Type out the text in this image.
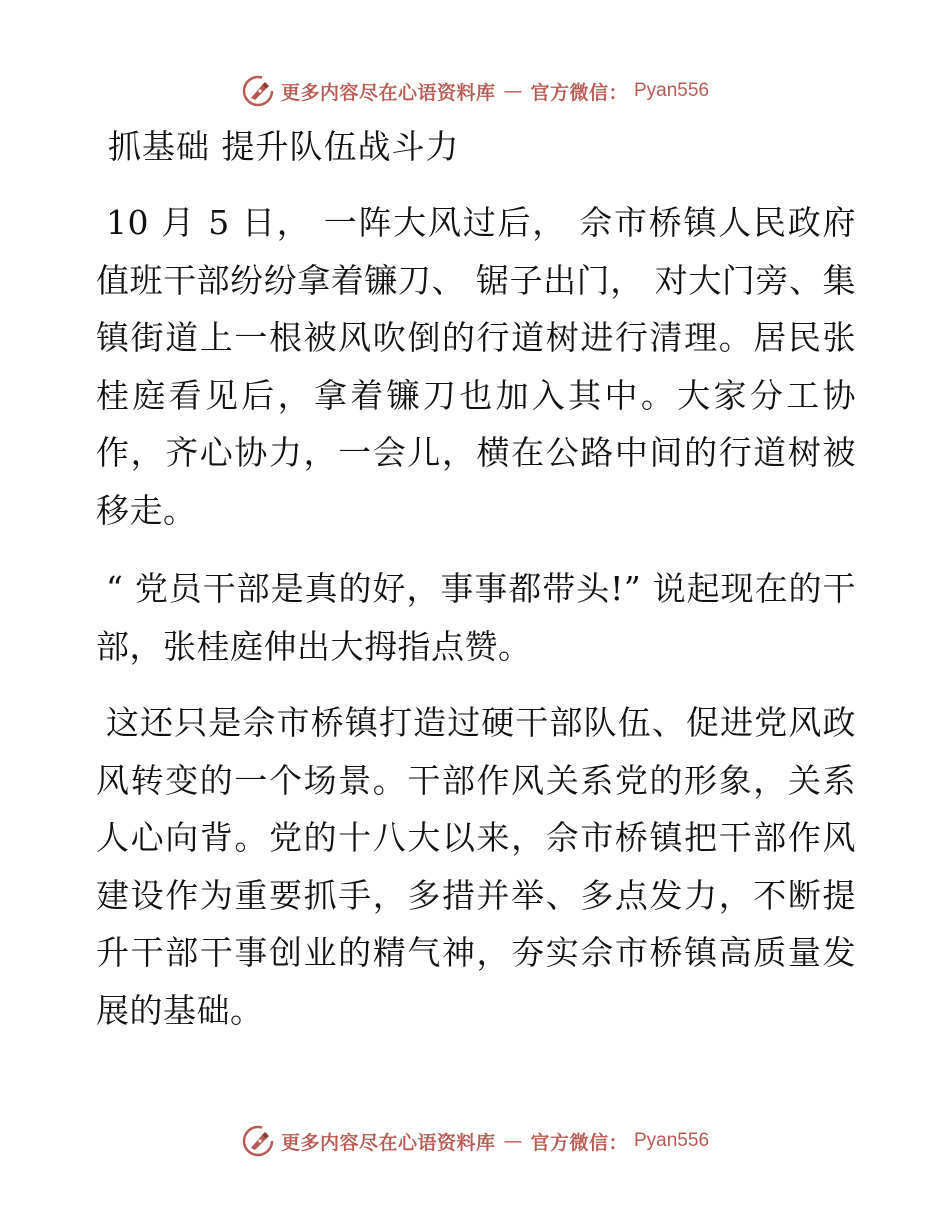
更多内容尽在心语资料库 — 官方微信： Pyan556
抓基础 提升队伍战斗力

10 月 5 日， 一阵大风过后， 佘市桥镇人民政府值班干部纷纷拿着镰刀、 锯子出门， 对大门旁、集镇街道上一根被风吹倒的行道树进行清理。居民张桂庭看见后，拿着镰刀也加入其中。大家分工协作，齐心协力，一会儿，横在公路中间的行道树被移走。

“ 党员干部是真的好，事事都带头!” 说起现在的干部，张桂庭伸出大拇指点赞。

这还只是佘市桥镇打造过硬干部队伍、促进党风政风转变的一个场景。干部作风关系党的形象，关系人心向背。党的十八大以来，佘市桥镇把干部作风建设作为重要抓手，多措并举、多点发力，不断提升干部干事创业的精气神，夯实佘市桥镇高质量发展的基础。

更多内容尽在心语资料库 — 官方微信： Pyan556
